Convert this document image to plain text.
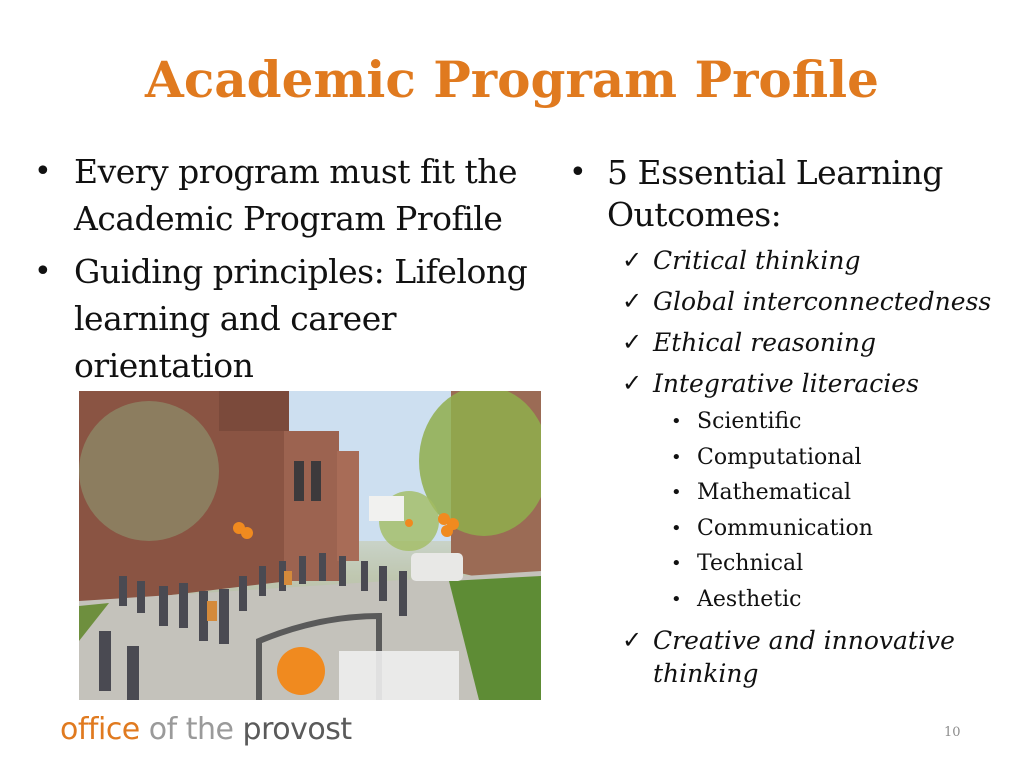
Academic Program Profile
• Every program must fit the Academic Program Profile
• Guiding principles: Lifelong learning and career orientation
• 5 Essential Learning Outcomes:
✓ Critical thinking
✓ Global interconnectedness
✓ Ethical reasoning
✓ Integrative literacies
• Scientific
• Computational
• Mathematical
• Communication
• Technical
• Aesthetic
✓ Creative and innovative thinking
office of the provost	10
